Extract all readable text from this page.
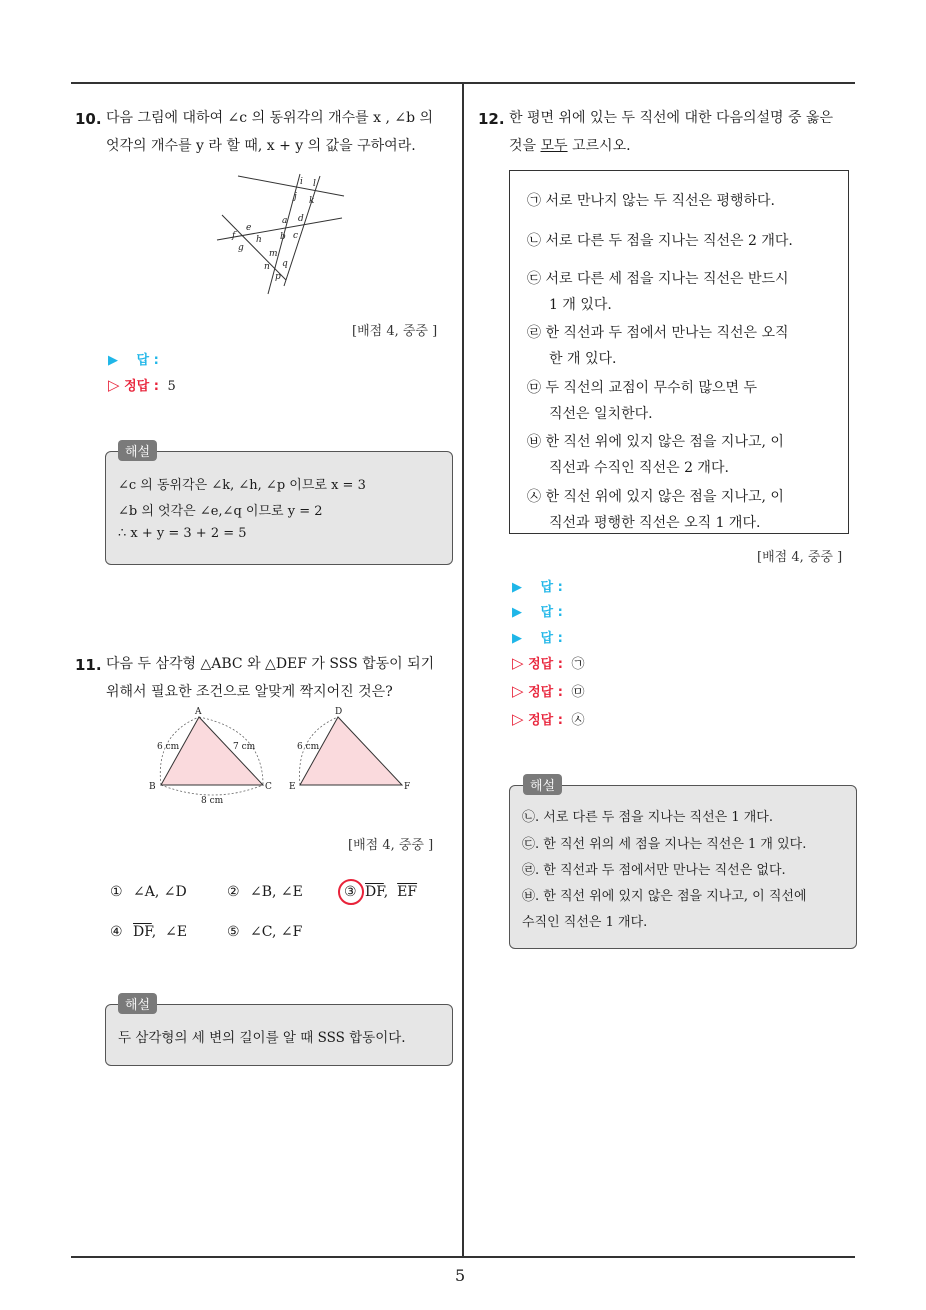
5
10. 다음 그림에 대하여 ∠c 의 동위각의 개수를 x , ∠b 의
엇각의 개수를 y 라 할 때, x + y 의 값을 구하여라.
i l
j k
a d
e
f h b c
g
m
n q
p
[배점 4, 중중 ]
▶ 답 :
▷ 정답 : 5
해설
∠c 의 동위각은 ∠k, ∠h, ∠p 이므로 x = 3
∠b 의 엇각은 ∠e,∠q 이므로 y = 2
∴ x + y = 3 + 2 = 5
11. 다음 두 삼각형 △ABC 와 △DEF 가 SSS 합동이 되기
위해서 필요한 조건으로 알맞게 짝지어진 것은?
A
B	C
6 cm	7 cm
8 cm
D
E	F
6 cm
[배점 4, 중중 ]
① ∠A, ∠D	② ∠B, ∠E	③ $\overline{DF}$,  $\overline{EF}$
④ $\overline{DF}$,  ∠E	⑤ ∠C, ∠F
해설
두 삼각형의 세 변의 길이를 알 때 SSS 합동이다.
12. 한 평면 위에 있는 두 직선에 대한 다음의설명 중 옳은
것을 모두 고르시오.
㉠ 서로 만나지 않는 두 직선은 평행하다.
㉡ 서로 다른 두 점을 지나는 직선은 2 개다.
㉢ 서로 다른 세 점을 지나는 직선은 반드시
1 개 있다.
㉣ 한 직선과 두 점에서 만나는 직선은 오직
한 개 있다.
㉤ 두 직선의 교점이 무수히 많으면 두
직선은 일치한다.
㉥ 한 직선 위에 있지 않은 점을 지나고, 이
직선과 수직인 직선은 2 개다.
㉦ 한 직선 위에 있지 않은 점을 지나고, 이
직선과 평행한 직선은 오직 1 개다.
[배점 4, 중중 ]
▶ 답 :
▶ 답 :
▶ 답 :
▷ 정답 : ㉠
▷ 정답 : ㉤
▷ 정답 : ㉦
해설
㉡. 서로 다른 두 점을 지나는 직선은 1 개다.
㉢. 한 직선 위의 세 점을 지나는 직선은 1 개 있다.
㉣. 한 직선과 두 점에서만 만나는 직선은 없다.
㉥. 한 직선 위에 있지 않은 점을 지나고, 이 직선에
수직인 직선은 1 개다.
